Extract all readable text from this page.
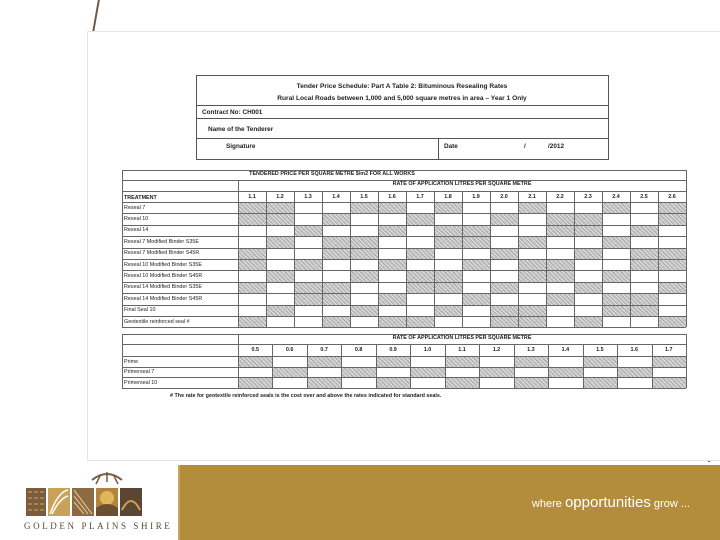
Tender Price Schedule: Part A Table 2: Bituminous Resealing Rates
Rural Local Roads between 1,000 and 5,000 square metres in area – Year 1 Only
Contract No: CH001
Name of the Tenderer
Signature	Date	/	/2012
TENDERED PRICE PER SQUARE METRE $/m2 FOR ALL WORKS
RATE OF APPLICATION LITRES PER SQUARE METRE
TREATMENT	1.1	1.2	1.3	1.4	1.5	1.6	1.7	1.8	1.9	2.0	2.1	2.2	2.3	2.4	2.5	2.6
Reseal 7
Reseal 10
Reseal 14
Reseal 7 Modified Binder S35E
Reseal 7 Modified Binder S45R
Reseal 10 Modified Binder S35E
Reseal 10 Modified Binder S45R
Reseal 14 Modified Binder S35E
Reseal 14 Modified Binder S45R
Final Seal 10
Geotextile reinforced seal #
RATE OF APPLICATION LITRES PER SQUARE METRE
0.5	0.6	0.7	0.8	0.9	1.0	1.1	1.2	1.3	1.4	1.5	1.6	1.7
Prime
Primerseal 7
Primerseal 10
# The rate for geotextile reinforced seals is the cost over and above the rates indicated for standard seals.
where opportunities grow ...
GOLDEN PLAINS SHIRE
